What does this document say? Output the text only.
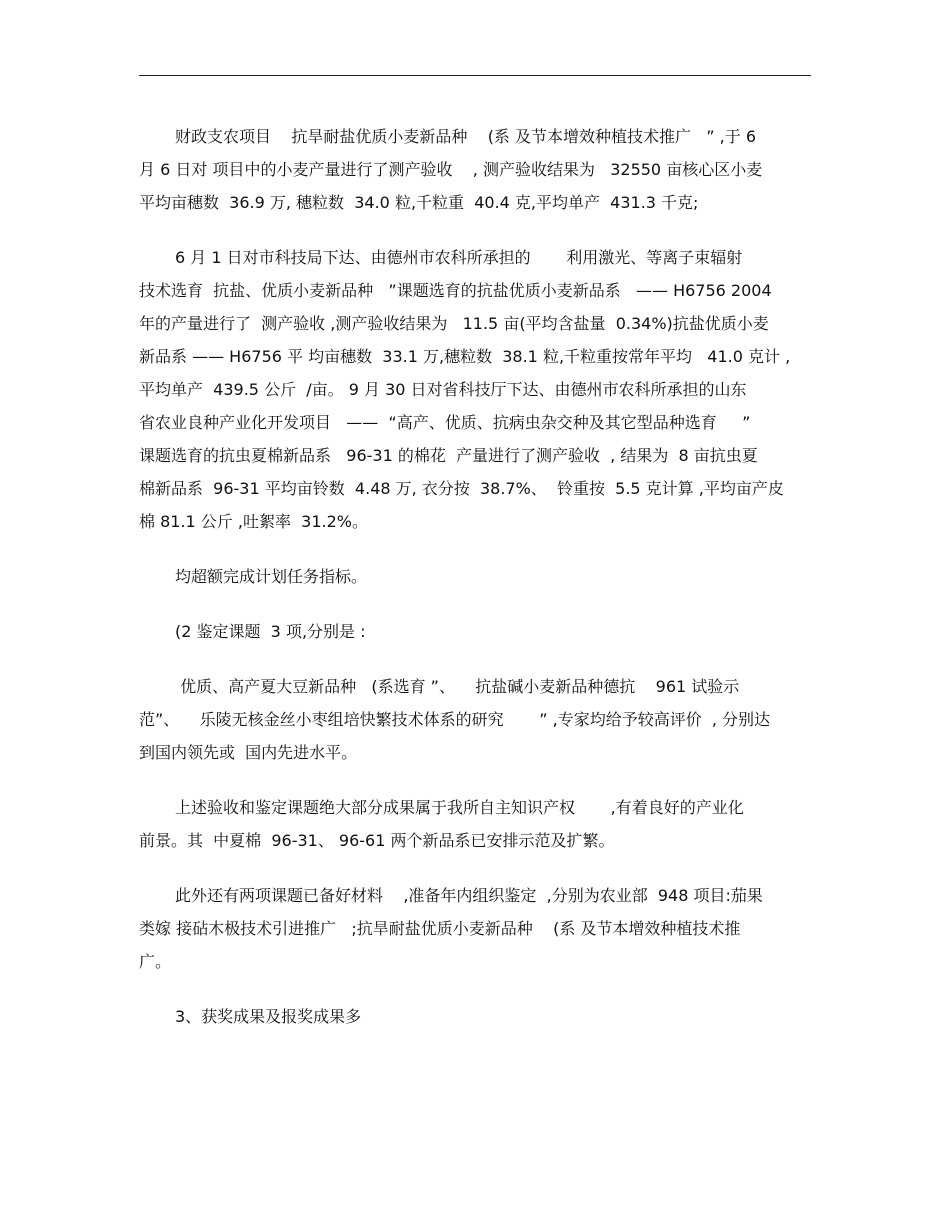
财政支农项目    抗旱耐盐优质小麦新品种    (系 及节本增效种植技术推广   ” ,于 6
月 6 日对 项目中的小麦产量进行了测产验收    , 测产验收结果为   32550 亩核心区小麦
平均亩穗数  36.9 万, 穗粒数  34.0 粒,千粒重  40.4 克,平均单产  431.3 千克;

6 月 1 日对市科技局下达、由德州市农科所承担的       利用激光、等离子束辐射
技术选育  抗盐、优质小麦新品种   ”课题选育的抗盐优质小麦新品系   —— H6756 2004
年的产量进行了  测产验收 ,测产验收结果为   11.5 亩(平均含盐量  0.34%)抗盐优质小麦
新品系 —— H6756 平 均亩穗数  33.1 万,穗粒数  38.1 粒,千粒重按常年平均   41.0 克计 ,
平均单产  439.5 公斤  /亩。 9 月 30 日对省科技厅下达、由德州市农科所承担的山东
省农业良种产业化开发项目   ——  “高产、优质、抗病虫杂交种及其它型品种选育     ”
课题选育的抗虫夏棉新品系   96-31 的棉花  产量进行了测产验收  , 结果为  8 亩抗虫夏
棉新品系  96-31 平均亩铃数  4.48 万, 衣分按  38.7%、  铃重按  5.5 克计算 ,平均亩产皮
棉 81.1 公斤 ,吐絮率  31.2%。

均超额完成计划任务指标。

(2 鉴定课题  3 项,分别是 :

优质、高产夏大豆新品种   (系选育 ”、    抗盐碱小麦新品种德抗    961 试验示
范”、    乐陵无核金丝小枣组培快繁技术体系的研究       ” ,专家均给予较高评价  , 分别达
到国内领先或  国内先进水平。

上述验收和鉴定课题绝大部分成果属于我所自主知识产权       ,有着良好的产业化
前景。其  中夏棉  96-31、 96-61 两个新品系已安排示范及扩繁。

此外还有两项课题已备好材料    ,准备年内组织鉴定  ,分别为农业部  948 项目:茄果
类嫁 接砧木极技术引进推广   ;抗旱耐盐优质小麦新品种    (系 及节本增效种植技术推
广。

3、获奖成果及报奖成果多
